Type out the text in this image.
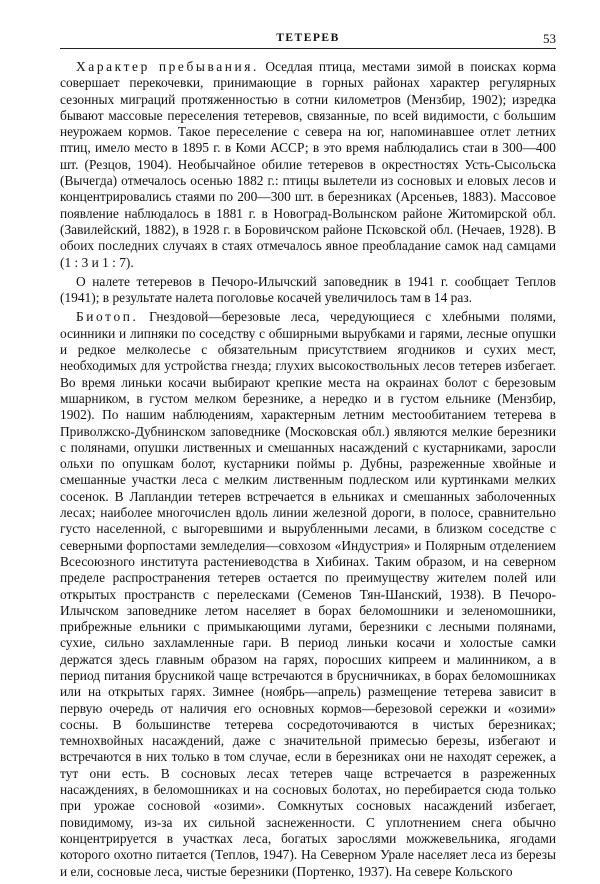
ТЕТЕРЕВ	53

Характер пребывания. Оседлая птица, местами зимой в поисках корма совершает перекочевки, принимающие в горных районах характер регулярных сезонных миграций протяженностью в сотни километров (Мензбир, 1902); изредка бывают массовые переселения тетеревов, связанные, по всей видимости, с большим неурожаем кормов. Такое переселение с севера на юг, напоминавшее отлет летних птиц, имело место в 1895 г. в Коми АССР; в это время наблюдались стаи в 300—400 шт. (Резцов, 1904). Необычайное обилие тетеревов в окрестностях Усть-Сысольска (Вычегда) отмечалось осенью 1882 г.: птицы вылетели из сосновых и еловых лесов и концентрировались стаями по 200—300 шт. в березниках (Арсеньев, 1883). Массовое появление наблюдалось в 1881 г. в Новоград-Волынском районе Житомирской обл. (Завилейский, 1882), в 1928 г. в Боровичском районе Псковской обл. (Нечаев, 1928). В обоих последних случаях в стаях отмечалось явное преобладание самок над самцами (1 : 3 и 1 : 7).

О налете тетеревов в Печоро-Илычский заповедник в 1941 г. сообщает Теплов (1941); в результате налета поголовье косачей увеличилось там в 14 раз.

Биотоп. Гнездовой—березовые леса, чередующиеся с хлебными полями, осинники и липняки по соседству с обширными вырубками и гарями, лесные опушки и редкое мелколесье с обязательным присутствием ягодников и сухих мест, необходимых для устройства гнезда; глухих высокоствольных лесов тетерев избегает. Во время линьки косачи выбирают крепкие места на окраинах болот с березовым мшарником, в густом мелком березнике, а нередко и в густом ельнике (Мензбир, 1902). По нашим наблюдениям, характерным летним местообитанием тетерева в Приволжско-Дубнинском заповеднике (Московская обл.) являются мелкие березники с полянами, опушки лиственных и смешанных насаждений с кустарниками, заросли ольхи по опушкам болот, кустарники поймы р. Дубны, разреженные хвойные и смешанные участки леса с мелким лиственным подлеском или куртинками мелких сосенок. В Лапландии тетерев встречается в ельниках и смешанных заболоченных лесах; наиболее многочислен вдоль линии железной дороги, в полосе, сравнительно густо населенной, с выгоревшими и вырубленными лесами, в близком соседстве с северными форпостами земледелия—совхозом «Индустрия» и Полярным отделением Всесоюзного института растениеводства в Хибинах. Таким образом, и на северном пределе распространения тетерев остается по преимуществу жителем полей или открытых пространств с перелесками (Семенов Тян-Шанский, 1938). В Печоро-Илычском заповеднике летом населяет в борах беломошники и зеленомошники, прибрежные ельники с примыкающими лугами, березники с лесными полянами, сухие, сильно захламленные гари. В период линьки косачи и холостые самки держатся здесь главным образом на гарях, поросших кипреем и малинником, а в период питания брусникой чаще встречаются в брусничниках, в борах беломошниках или на открытых гарях. Зимнее (ноябрь—апрель) размещение тетерева зависит в первую очередь от наличия его основных кормов—березовой сережки и «озими» сосны. В большинстве тетерева сосредоточиваются в чистых березниках; темнохвойных насаждений, даже с значительной примесью березы, избегают и встречаются в них только в том случае, если в березниках они не находят сережек, а тут они есть. В сосновых лесах тетерев чаще встречается в разреженных насаждениях, в беломошниках и на сосновых болотах, но перебирается сюда только при урожае сосновой «озими». Сомкнутых сосновых насаждений избегает, повидимому, из-за их сильной заснеженности. С уплотнением снега обычно концентрируется в участках леса, богатых зарослями можжевельника, ягодами которого охотно питается (Теплов, 1947). На Северном Урале населяет леса из березы и ели, сосновые леса, чистые березники (Портенко, 1937). На севере Кольского
